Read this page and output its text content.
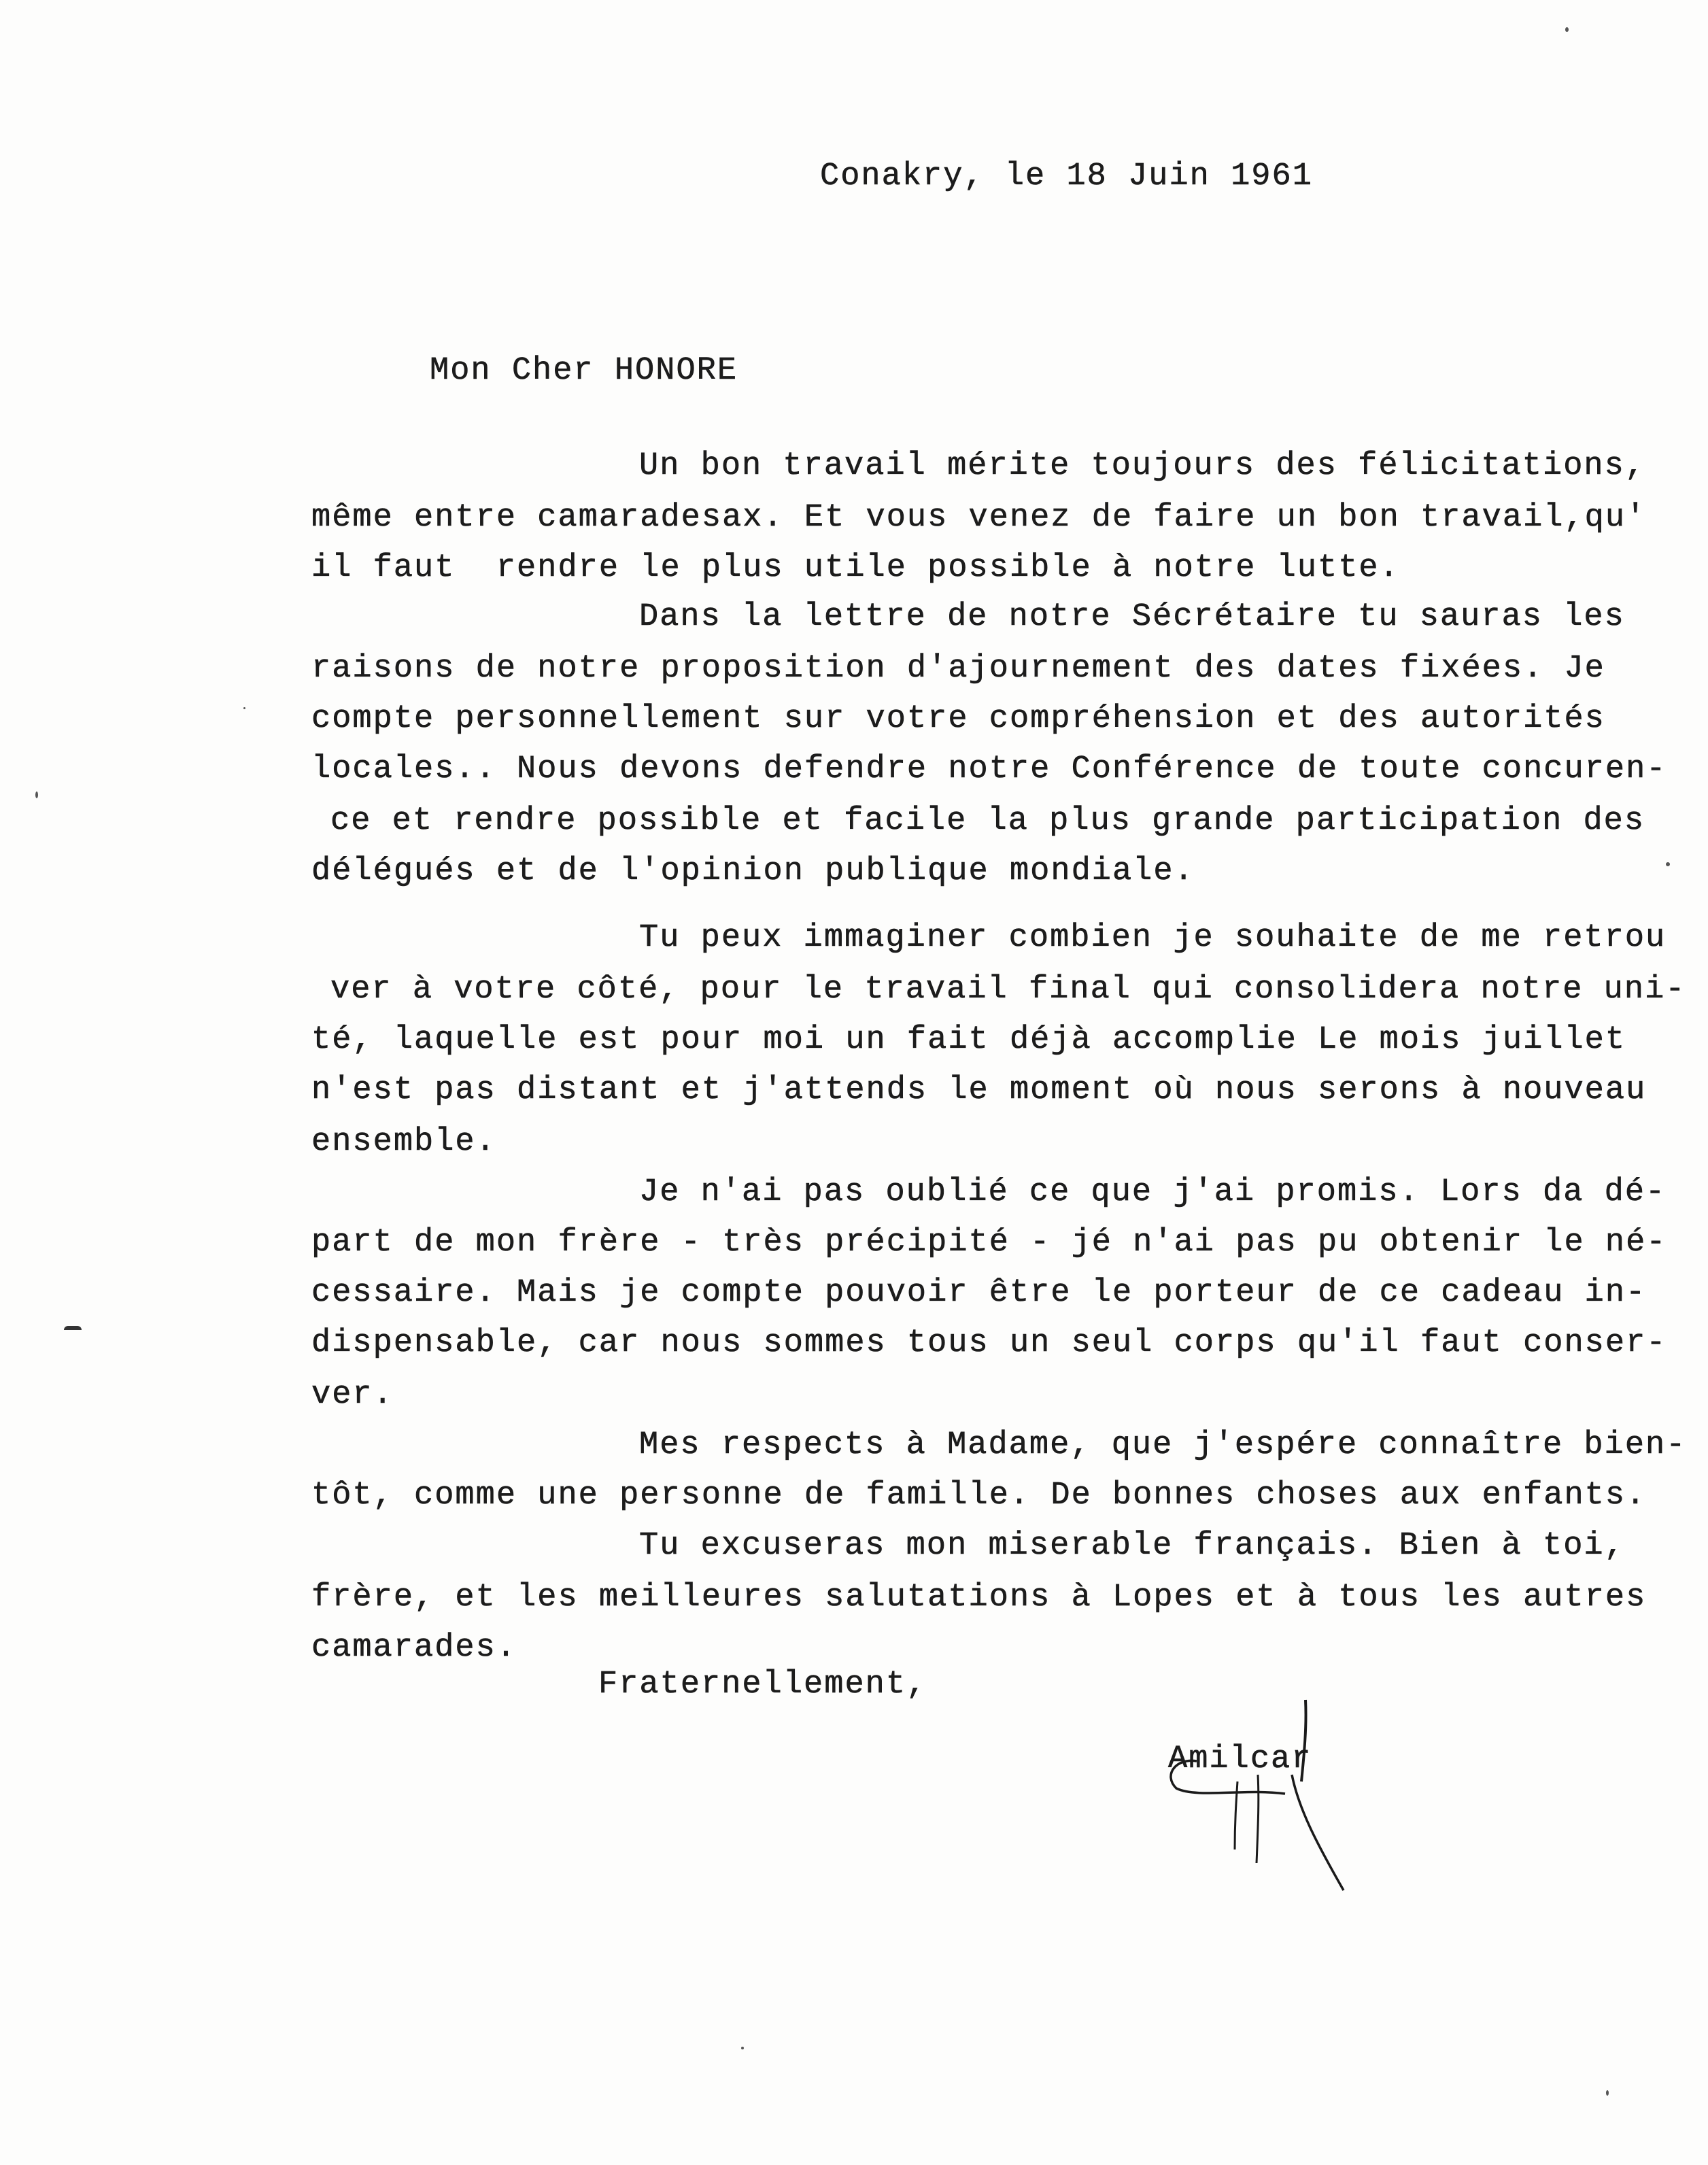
Conakry, le 18 Juin 1961
Mon Cher HONORE
Un bon travail mérite toujours des félicitations,
même entre camaradesax. Et vous venez de faire un bon travail,qu'
il faut  rendre le plus utile possible à notre lutte.
Dans la lettre de notre Sécrétaire tu sauras les
raisons de notre proposition d'ajournement des dates fixées. Je
compte personnellement sur votre compréhension et des autorités
locales.. Nous devons defendre notre Conférence de toute concuren-
ce et rendre possible et facile la plus grande participation des
délégués et de l'opinion publique mondiale.
Tu peux immaginer combien je souhaite de me retrou
ver à votre côté, pour le travail final qui consolidera notre uni-
té, laquelle est pour moi un fait déjà accomplie Le mois juillet
n'est pas distant et j'attends le moment où nous serons à nouveau
ensemble.
Je n'ai pas oublié ce que j'ai promis. Lors da dé-
part de mon frère - très précipité - jé n'ai pas pu obtenir le né-
cessaire. Mais je compte pouvoir être le porteur de ce cadeau in-
dispensable, car nous sommes tous un seul corps qu'il faut conser-
ver.
Mes respects à Madame, que j'espére connaître bien-
tôt, comme une personne de famille. De bonnes choses aux enfants.
Tu excuseras mon miserable français. Bien à toi,
frère, et les meilleures salutations à Lopes et à tous les autres
camarades.
Fraternellement,
Amilcar
